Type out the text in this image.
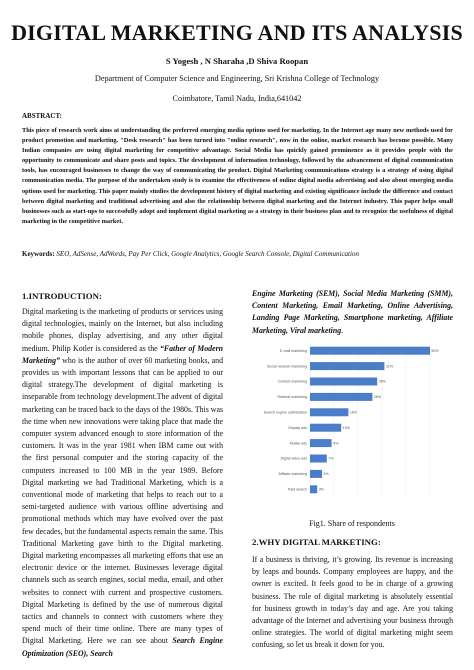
DIGITAL MARKETING AND ITS ANALYSIS
S Yogesh , N Sharaha ,D Shiva Roopan
Department of Computer Science and Engineering, Sri Krishna College of Technology
Coimbatore, Tamil Nadu, India,641042
ABSTRACT:
This piece of research work aims at understanding the preferred emerging media options used for marketing. In the Internet age many new methods used for product promotion and marketing. "Desk research" has been turned into "online research", now in the online, market research has become possible. Many Indian companies are using digital marketing for competitive advantage. Social Media has quickly gained prominence as it provides people with the opportunity to communicate and share posts and topics. The development of information technology, followed by the advancement of digital communication tools, has encouraged businesses to change the way of communicating the product. Digital Marketing communications strategy is a strategy of using digital communication media. The purpose of the undertaken study is to examine the effectiveness of online digital media advertising and also about emerging media options used for marketing. This paper mainly studies the development history of digital marketing and existing significance include the difference and contact between digital marketing and traditional advertising and also the relationship between digital marketing and the Internet industry. This paper helps small businesses such as start-ups to successfully adopt and implement digital marketing as a strategy in their business plan and to recognize the usefulness of digital marketing in the competitive market.
Keywords: SEO, AdSense, AdWords, Pay Per Click, Google Analytics, Google Search Console, Digital Communication
1.INTRODUCTION:
Digital marketing is the marketing of products or services using digital technologies, mainly on the Internet, but also including mobile phones, display advertising, and any other digital medium. Philip Kotler is considered as the “Father of Modern Marketing” who is the author of over 60 marketing books, and provides us with important lessons that can be applied to our digital strategy.The development of digital marketing is inseparable from technology development.The advent of digital marketing can be traced back to the days of the 1980s. This was the time when new innovations were taking place that made the computer system advanced enough to store information of the customers. It was in the year 1981 when IBM came out with the first personal computer and the storing capacity of the computers increased to 100 MB in the year 1989. Before Digital marketing we had Traditional Marketing, which is a conventional mode of marketing that helps to reach out to a semi-targeted audience with various offline advertising and promotional methods which may have evolved over the past few decades, but the fundamental aspects remain the same. This Traditional Marketing gave birth to the Digital marketing. Digital marketing encompasses all marketing efforts that use an electronic device or the internet. Businesses leverage digital channels such as search engines, social media, email, and other websites to connect with current and prospective customers. Digital Marketing is defined by the use of numerous digital tactics and channels to connect with customers where they spend much of their time online. There are many types of Digital Marketing. Here we can see about Search Engine Optimization (SEO), Search
Engine Marketing (SEM), Social Media Marketing (SMM), Content Marketing, Email Marketing, Online Advertising, Landing Page Marketing, Smartphone marketing, Affiliate Marketing, Viral marketing.
E-mail marketing	50%
Social network marketing	31%
Content marketing	28%
Referral marketing	26%
Search engine optimization	16%
Display ads	13%
Mobile ads	9%
Digital video ads	7%
Affiliate marketing	5%
Paid search	3%
Fig1. Share of respondents
2.WHY DIGITAL MARKETING:
If a business is thriving, it’s growing. Its revenue is increasing by leaps and bounds. Company employees are happy, and the owner is excited. It feels good to be in charge of a growing business. The role of digital marketing is absolutely essential for business growth in today’s day and age. Are you taking advantage of the Internet and advertising your business through online strategies. The world of digital marketing might seem confusing, so let us break it down for you.
